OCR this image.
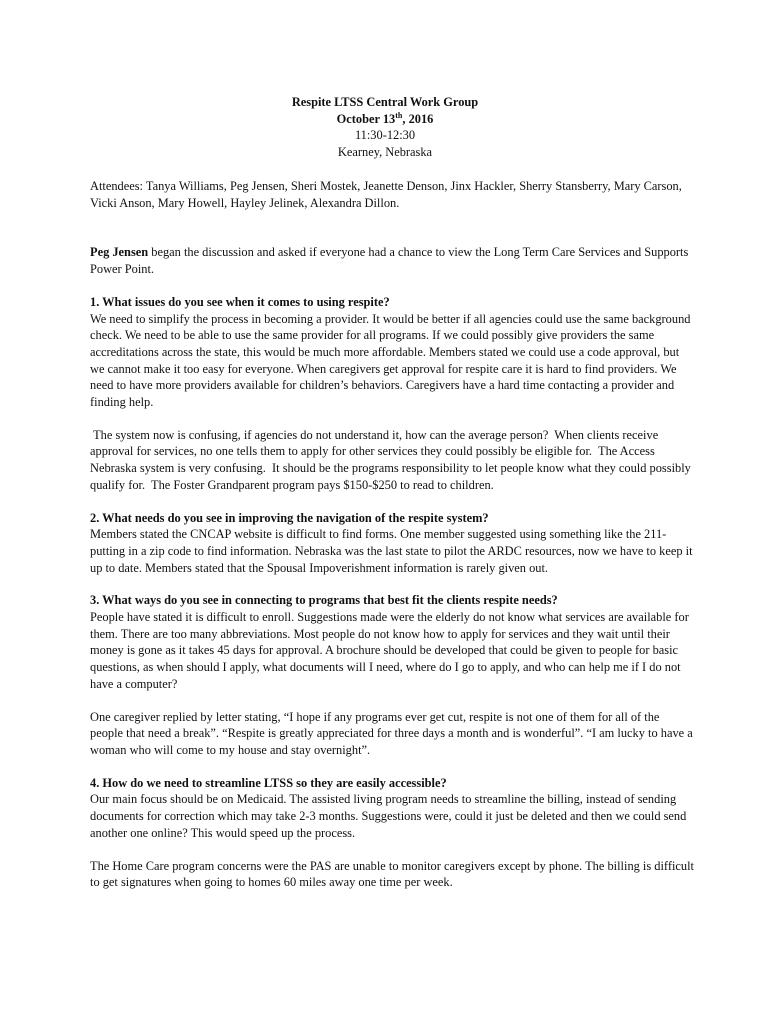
Respite LTSS Central Work Group
October 13th, 2016
11:30-12:30
Kearney, Nebraska

Attendees: Tanya Williams, Peg Jensen, Sheri Mostek, Jeanette Denson, Jinx Hackler, Sherry Stansberry, Mary Carson, Vicki Anson, Mary Howell, Hayley Jelinek, Alexandra Dillon.

Peg Jensen began the discussion and asked if everyone had a chance to view the Long Term Care Services and Supports Power Point.

1. What issues do you see when it comes to using respite?

We need to simplify the process in becoming a provider. It would be better if all agencies could use the same background check. We need to be able to use the same provider for all programs. If we could possibly give providers the same accreditations across the state, this would be much more affordable. Members stated we could use a code approval, but we cannot make it too easy for everyone. When caregivers get approval for respite care it is hard to find providers. We need to have more providers available for children’s behaviors. Caregivers have a hard time contacting a provider and finding help.

The system now is confusing, if agencies do not understand it, how can the average person?  When clients receive approval for services, no one tells them to apply for other services they could possibly be eligible for.  The Access Nebraska system is very confusing.  It should be the programs responsibility to let people know what they could possibly qualify for.  The Foster Grandparent program pays $150-$250 to read to children.

2. What needs do you see in improving the navigation of the respite system?

Members stated the CNCAP website is difficult to find forms. One member suggested using something like the 211-putting in a zip code to find information. Nebraska was the last state to pilot the ARDC resources, now we have to keep it up to date. Members stated that the Spousal Impoverishment information is rarely given out.

3. What ways do you see in connecting to programs that best fit the clients respite needs?

People have stated it is difficult to enroll. Suggestions made were the elderly do not know what services are available for them. There are too many abbreviations. Most people do not know how to apply for services and they wait until their money is gone as it takes 45 days for approval. A brochure should be developed that could be given to people for basic questions, as when should I apply, what documents will I need, where do I go to apply, and who can help me if I do not have a computer?

One caregiver replied by letter stating, “I hope if any programs ever get cut, respite is not one of them for all of the people that need a break”. “Respite is greatly appreciated for three days a month and is wonderful”. “I am lucky to have a woman who will come to my house and stay overnight”.

4. How do we need to streamline LTSS so they are easily accessible?

Our main focus should be on Medicaid. The assisted living program needs to streamline the billing, instead of sending documents for correction which may take 2-3 months. Suggestions were, could it just be deleted and then we could send another one online? This would speed up the process.

The Home Care program concerns were the PAS are unable to monitor caregivers except by phone. The billing is difficult to get signatures when going to homes 60 miles away one time per week.
